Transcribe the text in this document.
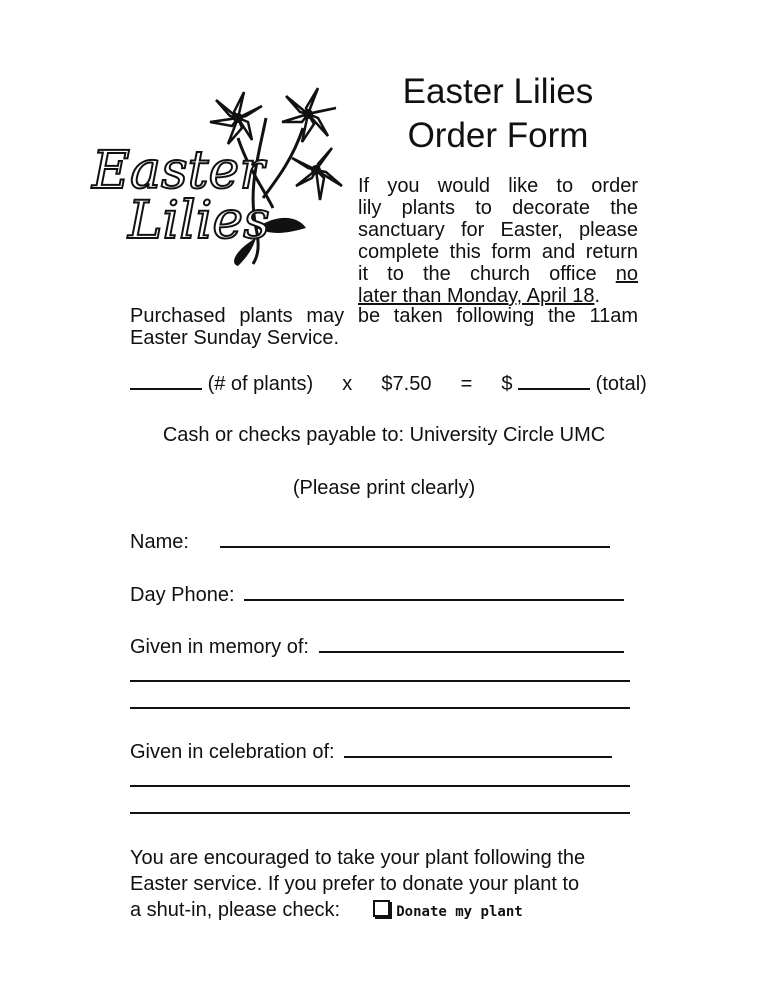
Easter
Lilies
Easter Lilies
Order Form
If you would like to order
lily plants to decorate the
sanctuary for Easter, please
complete this form and return
it to the church office no
later than Monday, April 18.
Purchased plants may be taken following the 11am
Easter Sunday Service.
(# of plants) x $7.50 = $	(total)
Cash or checks payable to: University Circle UMC
(Please print clearly)
Name:
Day Phone:
Given in memory of:
Given in celebration of:
You are encouraged to take your plant following the
Easter service. If you prefer to donate your plant to
a shut-in, please check:	Donate my plant
